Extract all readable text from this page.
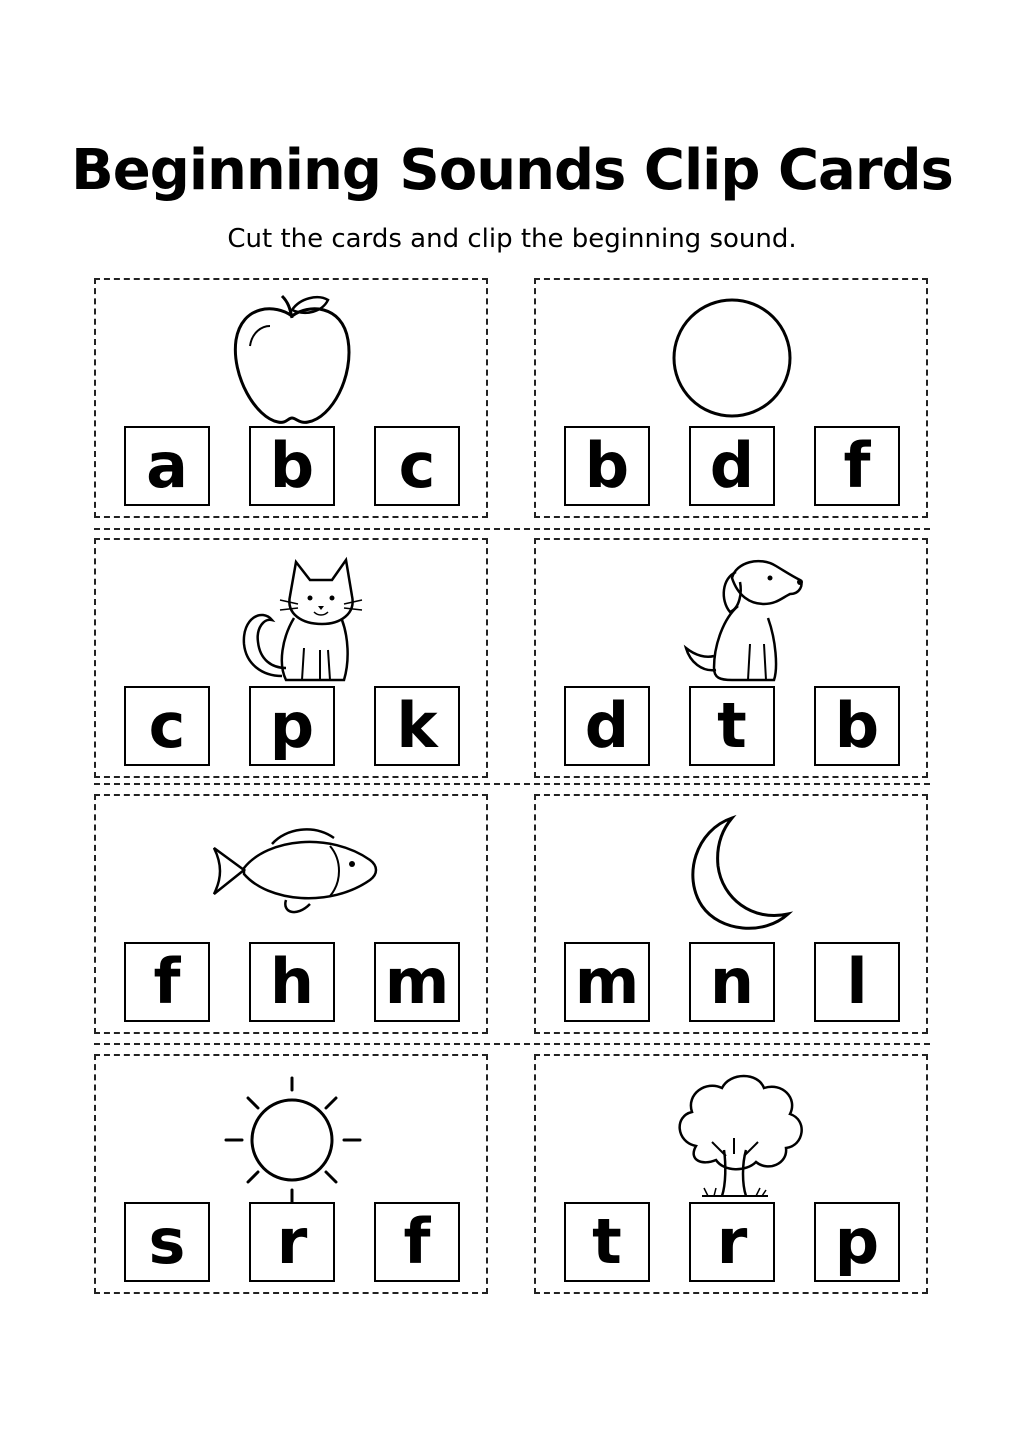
Beginning Sounds Clip Cards
Cut the cards and clip the beginning sound.
a	b	c	b	d	f
c	p	k	d	t	b
f	h	m m	n	l
s	r	f	t	r	p
